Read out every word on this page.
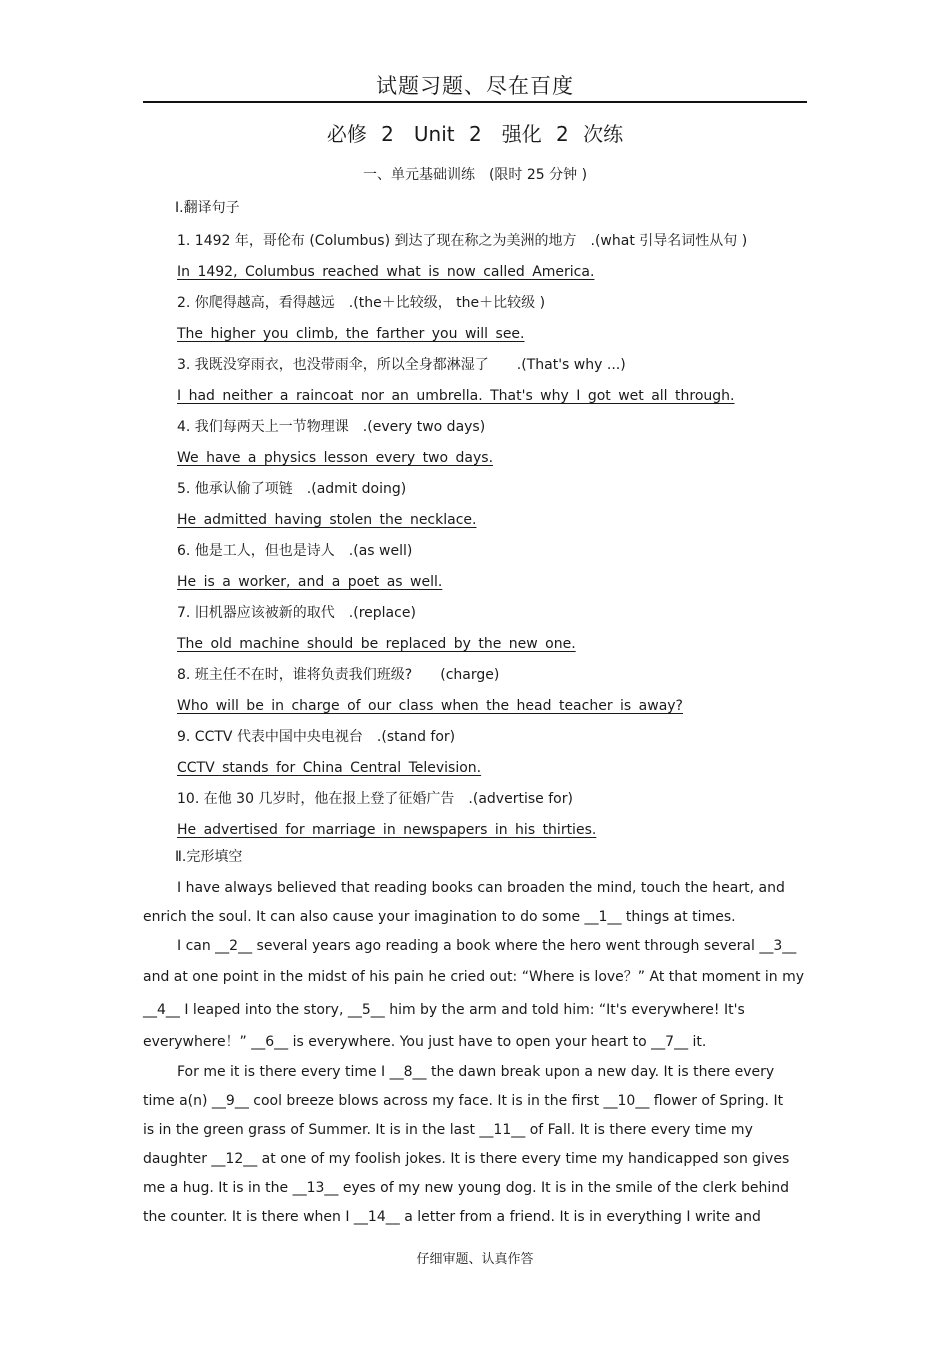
试题习题、尽在百度
必修 2　Unit 2　强化 2 次练
一、单元基础训练　(限时 25 分钟 )
Ⅰ.翻译句子
1. 1492 年，哥伦布 (Columbus) 到达了现在称之为美洲的地方　.(what 引导名词性从句 )
In 1492, Columbus reached what is now called America.
2. 你爬得越高，看得越远　.(the＋比较级， the＋比较级 )
The higher you climb, the farther you will see.
3. 我既没穿雨衣，也没带雨伞，所以全身都淋湿了　　.(That's why ...)
I had neither a raincoat nor an umbrella. That's why I got wet all through.
4. 我们每两天上一节物理课　.(every two days)
We have a physics lesson every two days.
5. 他承认偷了项链　.(admit doing)
He admitted having stolen the necklace.
6. 他是工人，但也是诗人　.(as well)
He is a worker, and a poet as well.
7. 旧机器应该被新的取代　.(replace)
The old machine should be replaced by the new one.
8. 班主任不在时，谁将负责我们班级?　　(charge)
Who will be in charge of our class when the head teacher is away?
9. CCTV 代表中国中央电视台　.(stand for)
CCTV stands for China Central Television.
10. 在他 30 几岁时，他在报上登了征婚广告　.(advertise for)
He advertised for marriage in newspapers in his thirties.
Ⅱ.完形填空
I have always believed that reading books can broaden the mind, touch the heart, and
enrich the soul. It can also cause your imagination to do some __1__ things at times.
I can __2__ several years ago reading a book where the hero went through several __3__
and at one point in the midst of his pain he cried out: “Where is love？” At that moment in my
__4__ I leaped into the story, __5__ him by the arm and told him: “It's everywhere! It's
everywhere！” __6__ is everywhere. You just have to open your heart to __7__ it.
For me it is there every time I __8__ the dawn break upon a new day. It is there every
time a(n) __9__ cool breeze blows across my face. It is in the first __10__ flower of Spring. It
is in the green grass of Summer. It is in the last __11__ of Fall. It is there every time my
daughter __12__ at one of my foolish jokes. It is there every time my handicapped son gives
me a hug. It is in the __13__ eyes of my new young dog. It is in the smile of the clerk behind
the counter. It is there when I __14__ a letter from a friend. It is in everything I write and
仔细审题、认真作答
